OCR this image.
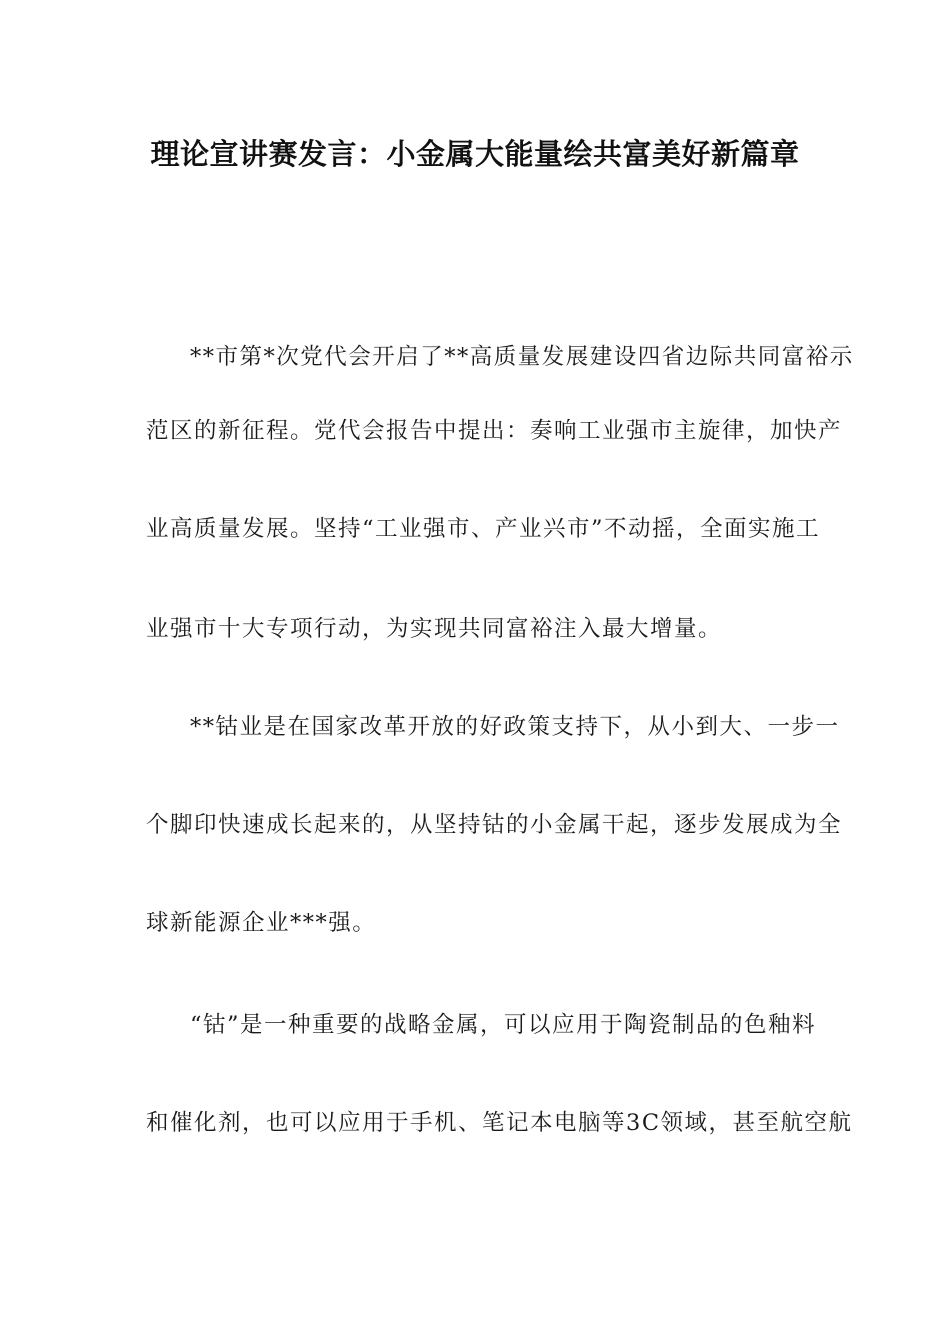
理论宣讲赛发言：小金属大能量绘共富美好新篇章
**市第*次党代会开启了**高质量发展建设四省边际共同富裕示
范区的新征程。党代会报告中提出：奏响工业强市主旋律，加快产
业高质量发展。坚持“工业强市、产业兴市”不动摇，全面实施工
业强市十大专项行动，为实现共同富裕注入最大增量。
**钴业是在国家改革开放的好政策支持下，从小到大、一步一
个脚印快速成长起来的，从坚持钴的小金属干起，逐步发展成为全
球新能源企业***强。
“钴”是一种重要的战略金属，可以应用于陶瓷制品的色釉料
和催化剂，也可以应用于手机、笔记本电脑等3C领域，甚至航空航
